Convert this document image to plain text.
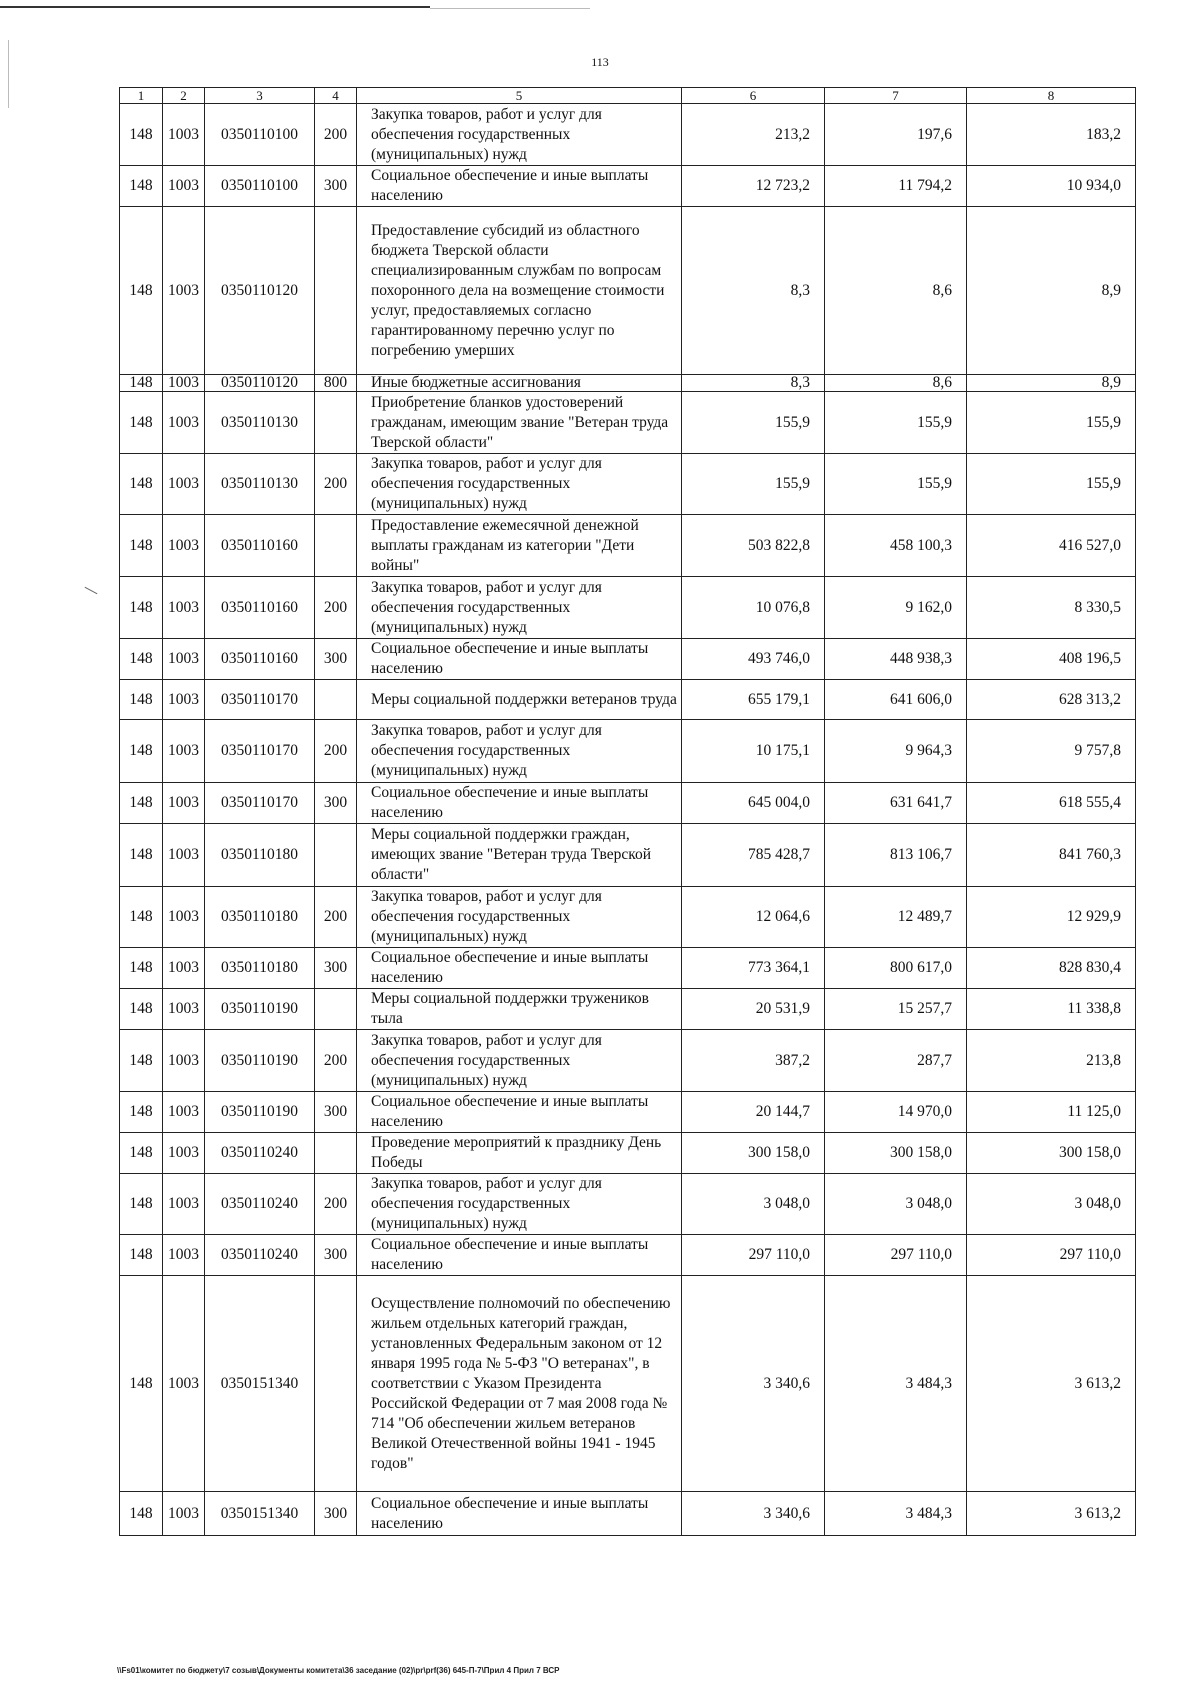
113
1	2	3	4	5	6	7	8
148	1003	0350110100	200	Закупка товаров, работ и услуг для обеспечения государственных (муниципальных) нужд	213,2	197,6	183,2
148	1003	0350110100	300	Социальное обеспечение и иные выплаты населению	12 723,2	11 794,2	10 934,0
148	1003	0350110120		Предоставление субсидий из областного бюджета Тверской области специализированным службам по вопросам похоронного дела на возмещение стоимости услуг, предоставляемых согласно гарантированному перечню услуг по погребению умерших	8,3	8,6	8,9
148	1003	0350110120	800	Иные бюджетные ассигнования	8,3	8,6	8,9
148	1003	0350110130		Приобретение бланков удостоверений гражданам, имеющим звание "Ветеран труда Тверской области"	155,9	155,9	155,9
148	1003	0350110130	200	Закупка товаров, работ и услуг для обеспечения государственных (муниципальных) нужд	155,9	155,9	155,9
148	1003	0350110160		Предоставление ежемесячной денежной выплаты гражданам из категории "Дети войны"	503 822,8	458 100,3	416 527,0
148	1003	0350110160	200	Закупка товаров, работ и услуг для обеспечения государственных (муниципальных) нужд	10 076,8	9 162,0	8 330,5
148	1003	0350110160	300	Социальное обеспечение и иные выплаты населению	493 746,0	448 938,3	408 196,5
148	1003	0350110170		Меры социальной поддержки ветеранов труда	655 179,1	641 606,0	628 313,2
148	1003	0350110170	200	Закупка товаров, работ и услуг для обеспечения государственных (муниципальных) нужд	10 175,1	9 964,3	9 757,8
148	1003	0350110170	300	Социальное обеспечение и иные выплаты населению	645 004,0	631 641,7	618 555,4
148	1003	0350110180		Меры социальной поддержки граждан, имеющих звание "Ветеран труда Тверской области"	785 428,7	813 106,7	841 760,3
148	1003	0350110180	200	Закупка товаров, работ и услуг для обеспечения государственных (муниципальных) нужд	12 064,6	12 489,7	12 929,9
148	1003	0350110180	300	Социальное обеспечение и иные выплаты населению	773 364,1	800 617,0	828 830,4
148	1003	0350110190		Меры социальной поддержки тружеников тыла	20 531,9	15 257,7	11 338,8
148	1003	0350110190	200	Закупка товаров, работ и услуг для обеспечения государственных (муниципальных) нужд	387,2	287,7	213,8
148	1003	0350110190	300	Социальное обеспечение и иные выплаты населению	20 144,7	14 970,0	11 125,0
148	1003	0350110240		Проведение мероприятий к празднику День Победы	300 158,0	300 158,0	300 158,0
148	1003	0350110240	200	Закупка товаров, работ и услуг для обеспечения государственных (муниципальных) нужд	3 048,0	3 048,0	3 048,0
148	1003	0350110240	300	Социальное обеспечение и иные выплаты населению	297 110,0	297 110,0	297 110,0
148	1003	0350151340		Осуществление полномочий по обеспечению жильем отдельных категорий граждан, установленных Федеральным законом от 12 января 1995 года № 5-ФЗ "О ветеранах", в соответствии с Указом Президента Российской Федерации от 7 мая 2008 года № 714 "Об обеспечении жильем ветеранов Великой Отечественной войны 1941 - 1945 годов"	3 340,6	3 484,3	3 613,2
148	1003	0350151340	300	Социальное обеспечение и иные выплаты населению	3 340,6	3 484,3	3 613,2
\\Fs01\комитет по бюджету\7 созыв\Документы комитета\36 заседание (02)\pr\prf(36) 645-П-7\Прил 4 Прил 7 ВСР
